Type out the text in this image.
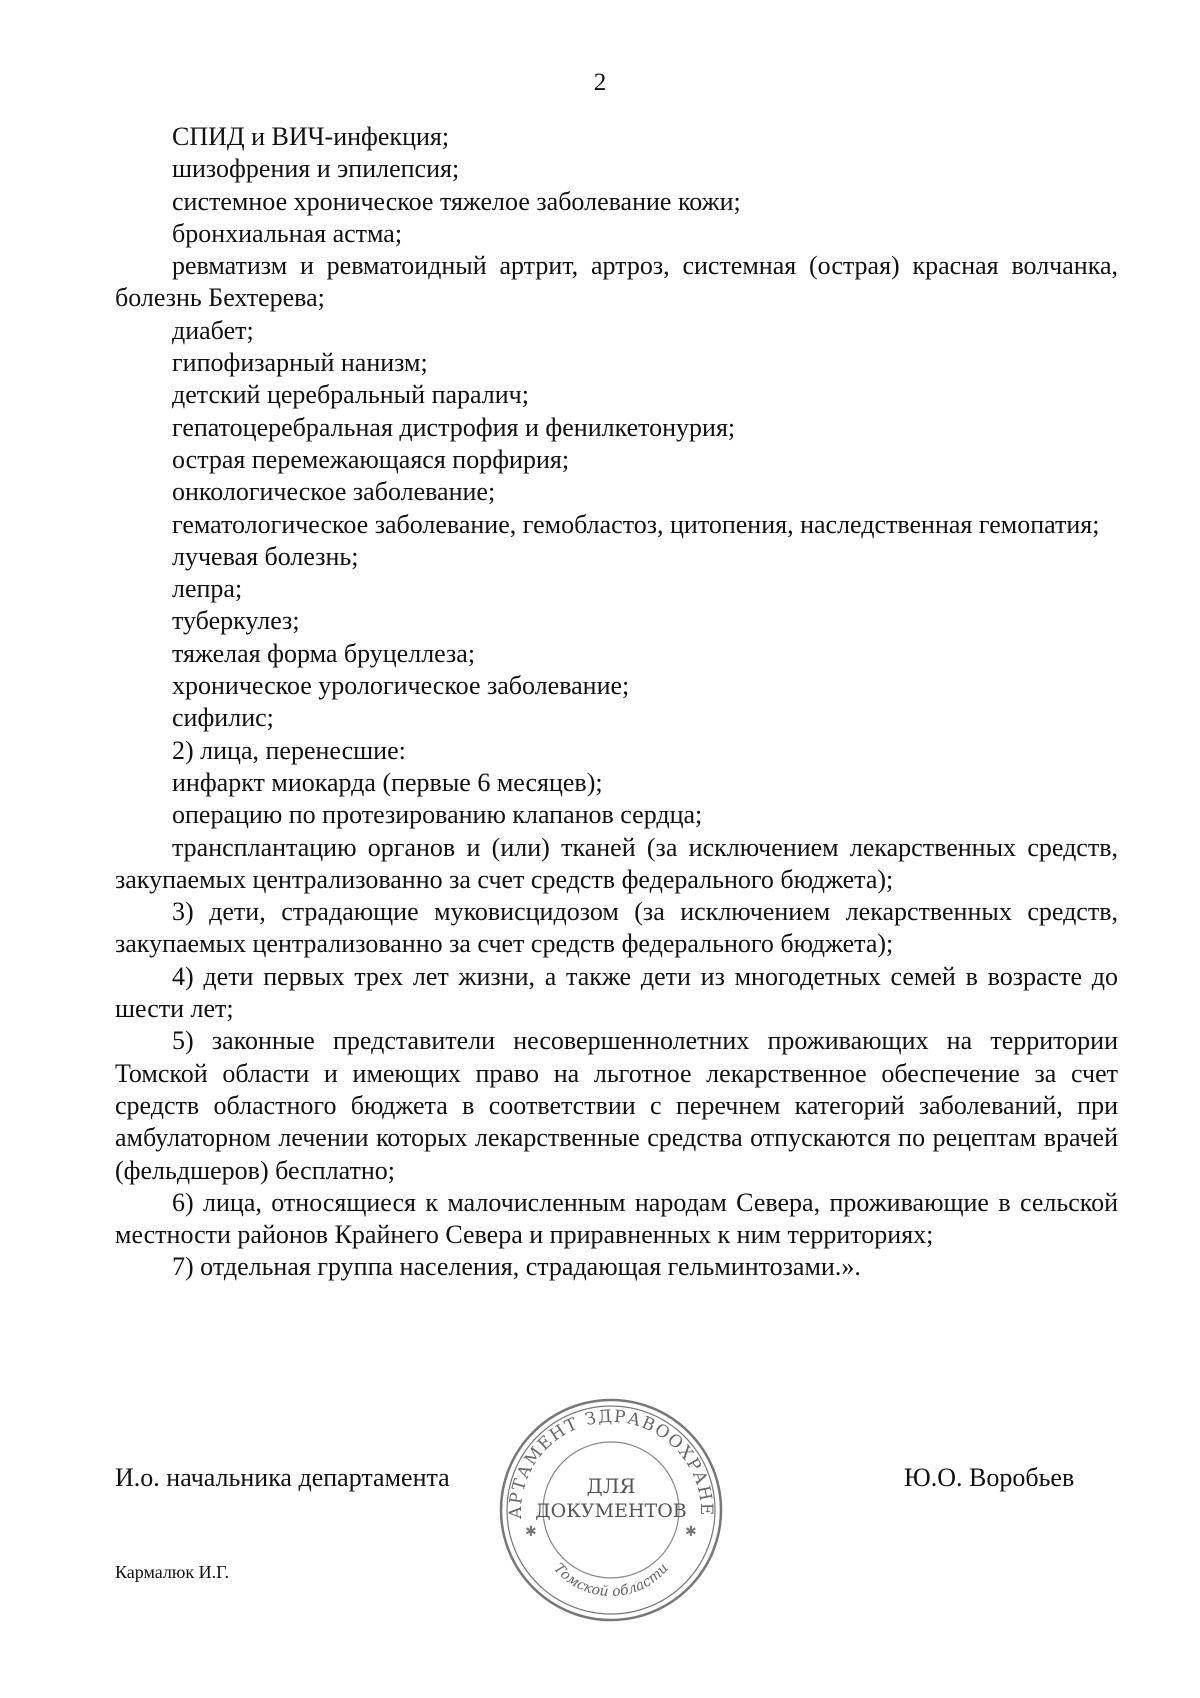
2

СПИД и ВИЧ-инфекция;

шизофрения и эпилепсия;

системное хроническое тяжелое заболевание кожи;

бронхиальная астма;

ревматизм и ревматоидный артрит, артроз, системная (острая) красная волчанка, болезнь Бехтерева;

диабет;

гипофизарный нанизм;

детский церебральный паралич;

гепатоцеребральная дистрофия и фенилкетонурия;

острая перемежающаяся порфирия;

онкологическое заболевание;

гематологическое заболевание, гемобластоз, цитопения, наследственная гемопатия;

лучевая болезнь;

лепра;

туберкулез;

тяжелая форма бруцеллеза;

хроническое урологическое заболевание;

сифилис;

2) лица, перенесшие:

инфаркт миокарда (первые 6 месяцев);

операцию по протезированию клапанов сердца;

трансплантацию органов и (или) тканей (за исключением лекарственных средств, закупаемых централизованно за счет средств федерального бюджета);

3) дети, страдающие муковисцидозом (за исключением лекарственных средств, закупаемых централизованно за счет средств федерального бюджета);

4) дети первых трех лет жизни, а также дети из многодетных семей в возрасте до шести лет;

5) законные представители несовершеннолетних проживающих на территории Томской области и имеющих право на льготное лекарственное обеспечение за счет средств областного бюджета в соответствии с перечнем категорий заболеваний, при амбулаторном лечении которых лекарственные средства отпускаются по рецептам врачей (фельдшеров) бесплатно;

6) лица, относящиеся к малочисленным народам Севера, проживающие в сельской местности районов Крайнего Севера и приравненных к ним территориях;

7) отдельная группа населения, страдающая гельминтозами.».

И.о. начальника департамента	Ю.О. Воробьев
АРТАМЕНТ ЗДРАВООХРАНЕ
Томской области
✱	✱
ДЛЯ
ДОКУМЕНТОВ
Кармалюк И.Г.
